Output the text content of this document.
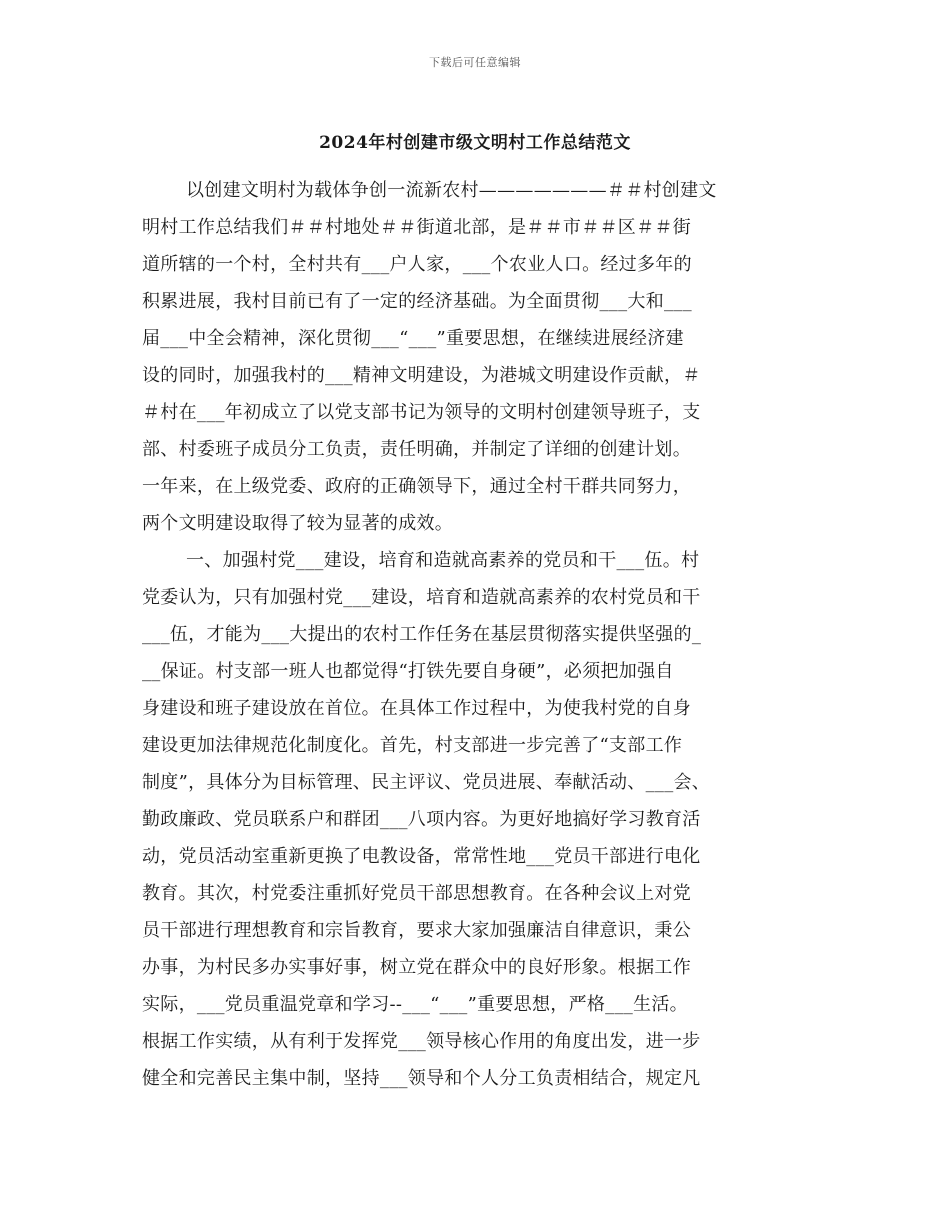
下载后可任意编辑
2024年村创建市级文明村工作总结范文
以创建文明村为载体争创一流新农村———————＃＃村创建文
明村工作总结我们＃＃村地处＃＃街道北部，是＃＃市＃＃区＃＃街
道所辖的一个村，全村共有___户人家，___个农业人口。经过多年的
积累进展，我村目前已有了一定的经济基础。为全面贯彻___大和___
届___中全会精神，深化贯彻___“___”重要思想，在继续进展经济建
设的同时，加强我村的___精神文明建设，为港城文明建设作贡献，＃
＃村在___年初成立了以党支部书记为领导的文明村创建领导班子，支
部、村委班子成员分工负责，责任明确，并制定了详细的创建计划。
一年来，在上级党委、政府的正确领导下，通过全村干群共同努力，
两个文明建设取得了较为显著的成效。
一、加强村党___建设，培育和造就高素养的党员和干___伍。村
党委认为，只有加强村党___建设，培育和造就高素养的农村党员和干
___伍，才能为___大提出的农村工作任务在基层贯彻落实提供坚强的_
__保证。村支部一班人也都觉得“打铁先要自身硬”，必须把加强自
身建设和班子建设放在首位。在具体工作过程中，为使我村党的自身
建设更加法律规范化制度化。首先，村支部进一步完善了“支部工作
制度”，具体分为目标管理、民主评议、党员进展、奉献活动、___会、
勤政廉政、党员联系户和群团___八项内容。为更好地搞好学习教育活
动，党员活动室重新更换了电教设备，常常性地___党员干部进行电化
教育。其次，村党委注重抓好党员干部思想教育。在各种会议上对党
员干部进行理想教育和宗旨教育，要求大家加强廉洁自律意识，秉公
办事，为村民多办实事好事，树立党在群众中的良好形象。根据工作
实际，___党员重温党章和学习--___“___”重要思想，严格___生活。
根据工作实绩，从有利于发挥党___领导核心作用的角度出发，进一步
健全和完善民主集中制，坚持___领导和个人分工负责相结合，规定凡
